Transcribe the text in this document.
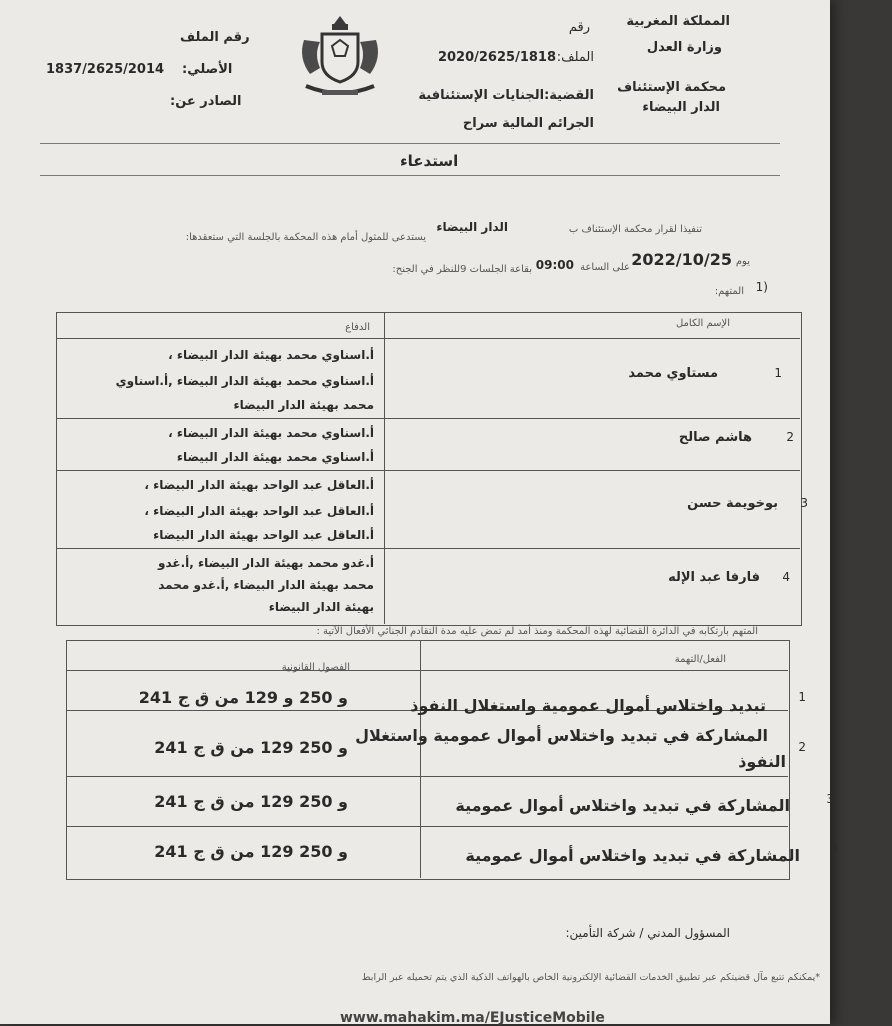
المملكة المغربية
وزارة العدل
محكمة الإستئناف
الدار البيضاء
رقم
الملف:
2020/2625/1818
القضية:الجنايات الإستئنافية
الجرائم المالية سراح
رقم الملف
الأصلي:
1837/2625/2014
الصادر عن:
استدعاء
تنفيذا لقرار محكمة الإستئناف ب
الدار البيضاء
يستدعى للمثول أمام هذه المحكمة بالجلسة التي ستعقدها:
يوم
2022/10/25
على الساعة
09:00
بقاعة الجلسات 9للنظر في الجنح:
1)
المتهم:
الإسم الكامل
الدفاع
1
مستاوي محمد
أ.اسناوي محمد بهيئة الدار البيضاء ،
أ.اسناوي محمد بهيئة الدار البيضاء ,أ.اسناوي
محمد بهيئة الدار البيضاء
2
هاشم صالح
أ.اسناوي محمد بهيئة الدار البيضاء ،
أ.اسناوي محمد بهيئة الدار البيضاء
3
بوخويمة حسن
أ.العاقل عبد الواحد بهيئة الدار البيضاء ،
أ.العاقل عبد الواحد بهيئة الدار البيضاء ،
أ.العاقل عبد الواحد بهيئة الدار البيضاء
4
فارفا عبد الإله
أ.غدو محمد بهيئة الدار البيضاء ,أ.غدو
محمد بهيئة الدار البيضاء ,أ.غدو محمد
بهيئة الدار البيضاء
المتهم بارتكابه في الدائرة القضائية لهذه المحكمة ومنذ أمد لم تمض عليه مدة التقادم الجنائي الأفعال الآتية :
الفعل/التهمة
الفصول القانونية
1
تبديد واختلاس أموال عمومية واستغلال النفوذ
و 250 و 129 من ق ج 241
2
المشاركة في تبديد واختلاس أموال عمومية واستغلال
النفوذ
و 250 129 من ق ج 241
3
المشاركة في تبديد واختلاس أموال عمومية
و 250 129 من ق ج 241
4
المشاركة في تبديد واختلاس أموال عمومية
و 250 129 من ق ج 241
المسؤول المدني / شركة التأمين:
*يمكنكم تتبع مآل قضيتكم عبر تطبيق الخدمات القضائية الإلكترونية الخاص بالهواتف الذكية الذي يتم تحميله عبر الرابط
www.mahakim.ma/EJusticeMobile
